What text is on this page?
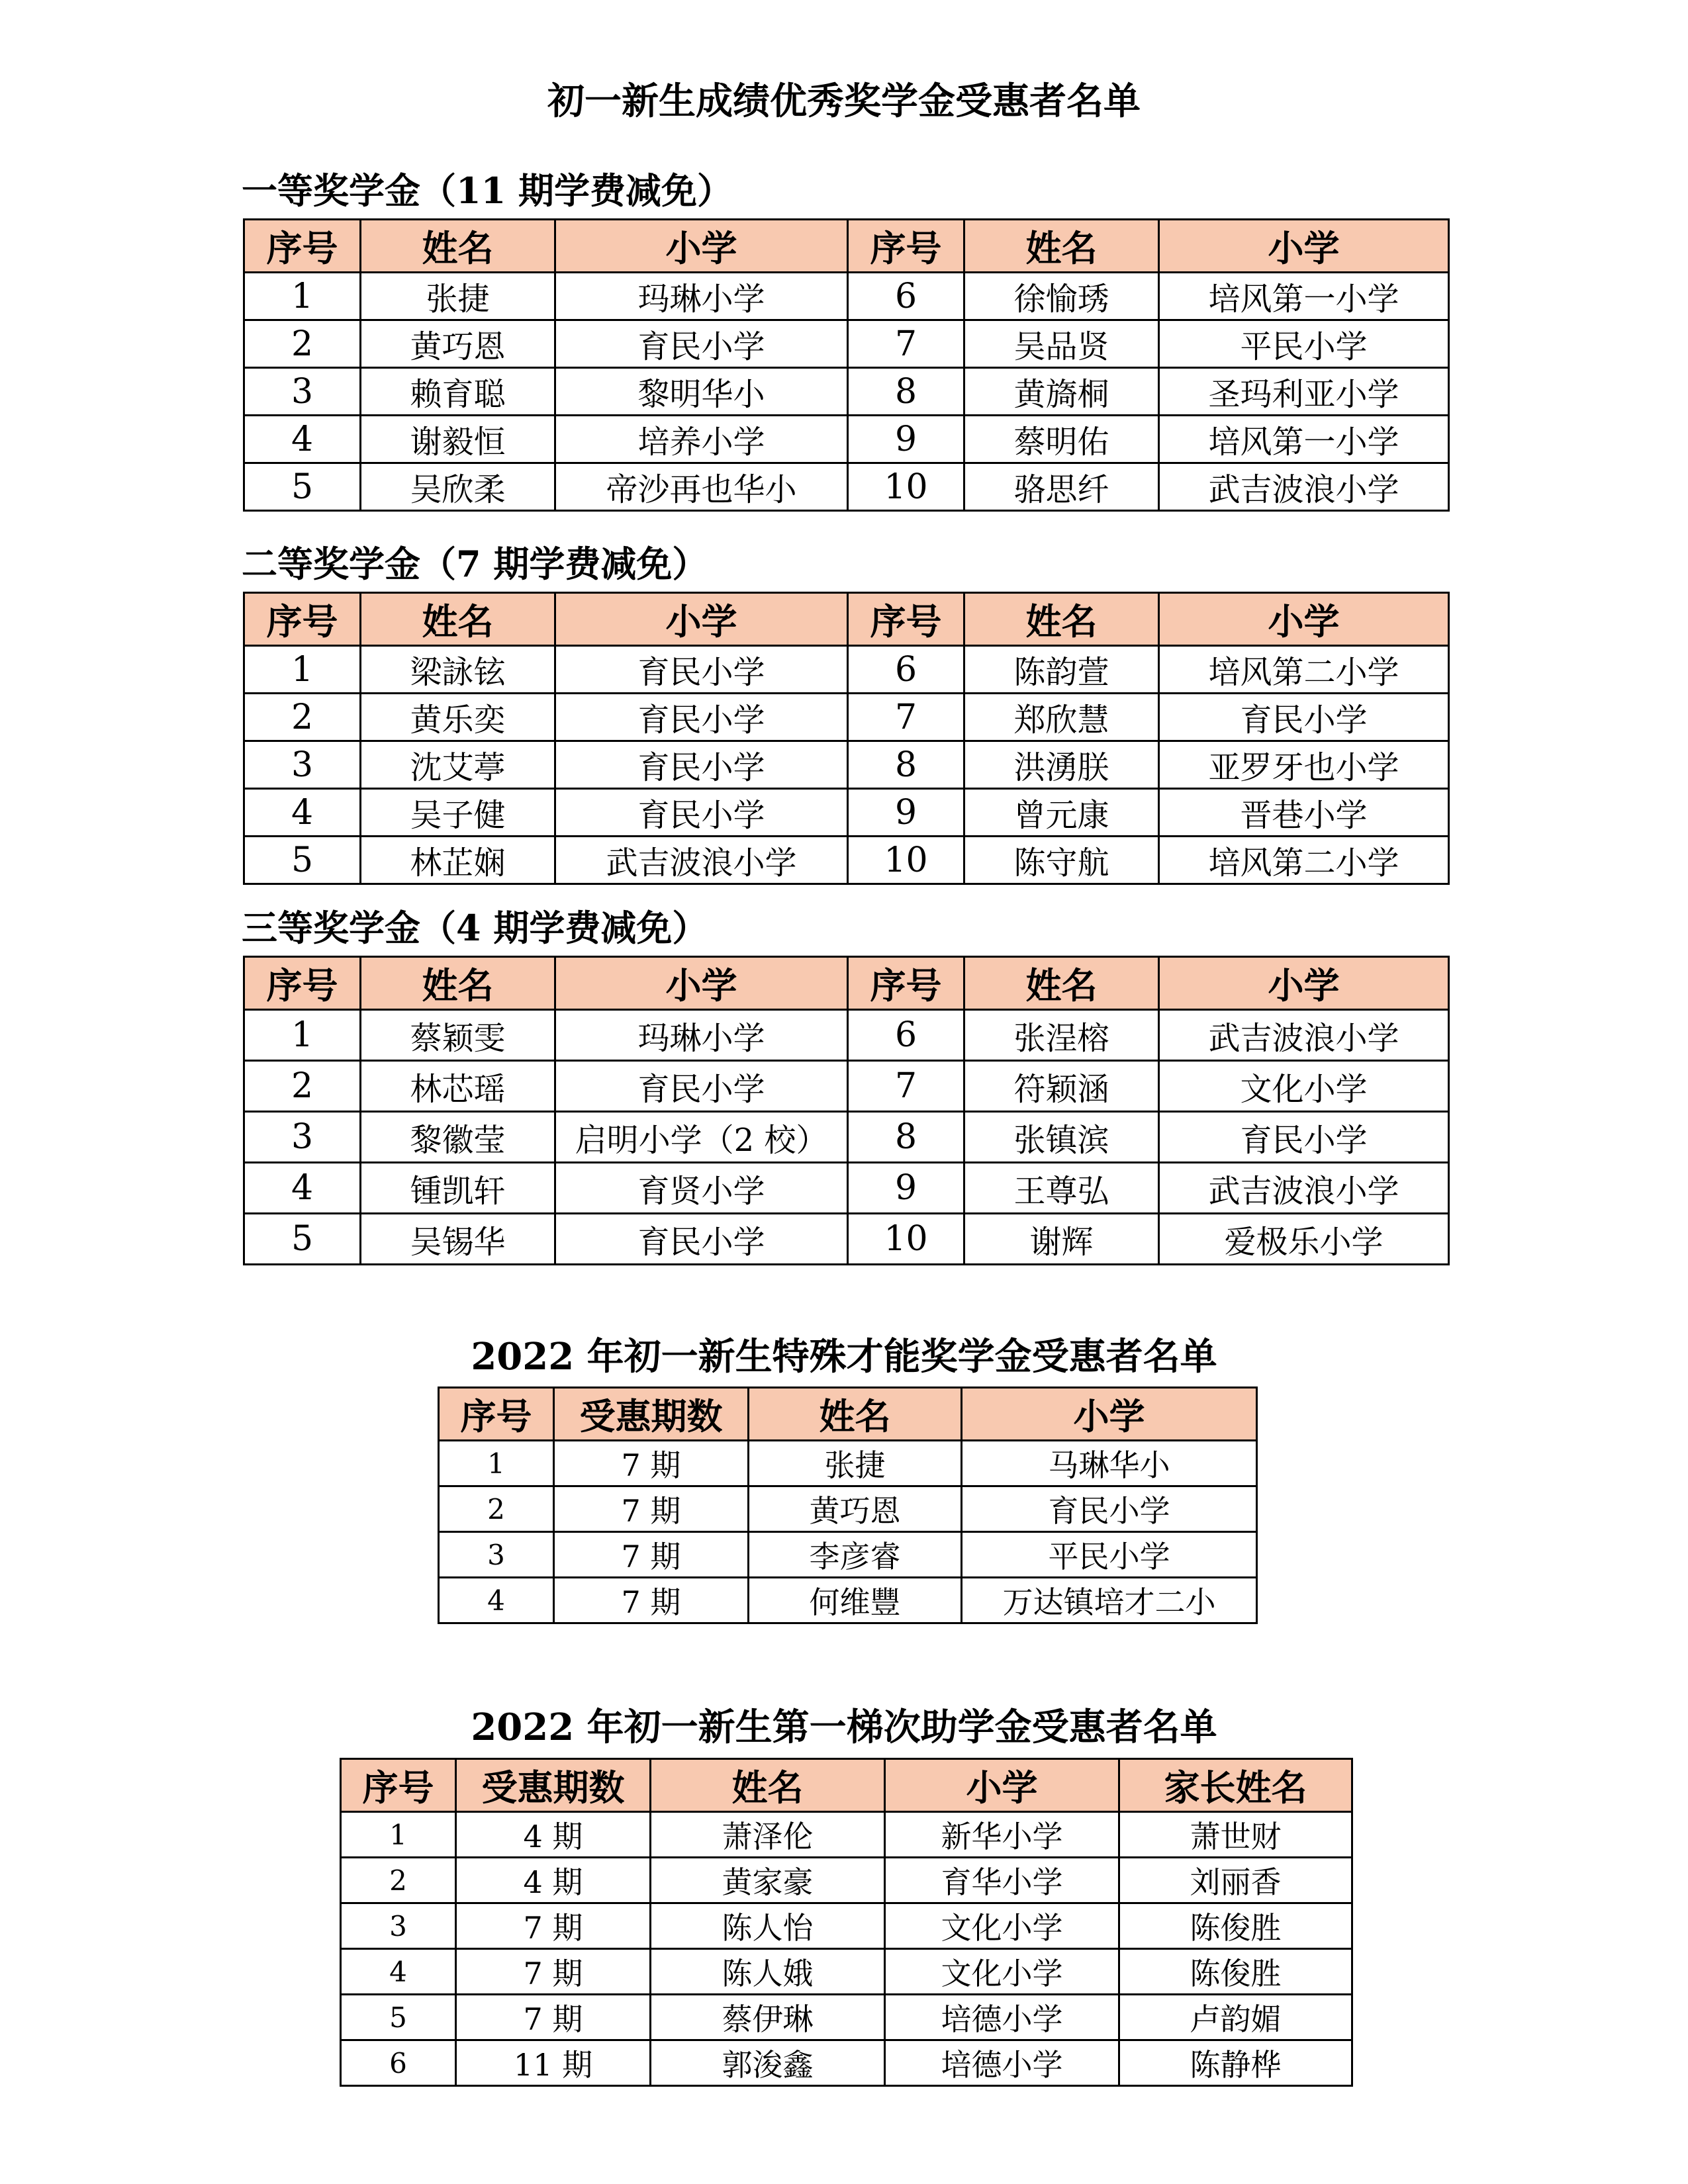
初一新生成绩优秀奖学金受惠者名单
一等奖学金（11 期学费减免）
序号	姓名	小学	序号	姓名	小学
1	张捷	玛琳小学	6	徐愉琇	培风第一小学
2	黄巧恩	育民小学	7	吴品贤	平民小学
3	赖育聪	黎明华小	8	黄旖桐	圣玛利亚小学
4	谢毅恒	培养小学	9	蔡明佑	培风第一小学
5	吴欣柔	帝沙再也华小	10	骆思纤	武吉波浪小学
二等奖学金（7 期学费减免）
序号	姓名	小学	序号	姓名	小学
1	梁詠铉	育民小学	6	陈韵萱	培风第二小学
2	黄乐奕	育民小学	7	郑欣慧	育民小学
3	沈艾葶	育民小学	8	洪湧朕	亚罗牙也小学
4	吴子健	育民小学	9	曾元康	晋巷小学
5	林芷娴	武吉波浪小学	10	陈守航	培风第二小学
三等奖学金（4 期学费减免）
序号	姓名	小学	序号	姓名	小学
1	蔡颖雯	玛琳小学	6	张浧榕	武吉波浪小学
2	林芯瑶	育民小学	7	符颖涵	文化小学
3	黎徽莹	启明小学（2 校）	8	张镇滨	育民小学
4	锺凯轩	育贤小学	9	王尊弘	武吉波浪小学
5	吴锡华	育民小学	10	谢辉	爱极乐小学
2022 年初一新生特殊才能奖学金受惠者名单
序号	受惠期数	姓名	小学
1	7 期	张捷	马琳华小
2	7 期	黄巧恩	育民小学
3	7 期	李彦睿	平民小学
4	7 期	何维豐	万达镇培才二小
2022 年初一新生第一梯次助学金受惠者名单
序号	受惠期数	姓名	小学	家长姓名
1	4 期	萧泽伦	新华小学	萧世财
2	4 期	黄家豪	育华小学	刘丽香
3	7 期	陈人怡	文化小学	陈俊胜
4	7 期	陈人娥	文化小学	陈俊胜
5	7 期	蔡伊琳	培德小学	卢韵媚
6	11 期	郭浚鑫	培德小学	陈静桦
